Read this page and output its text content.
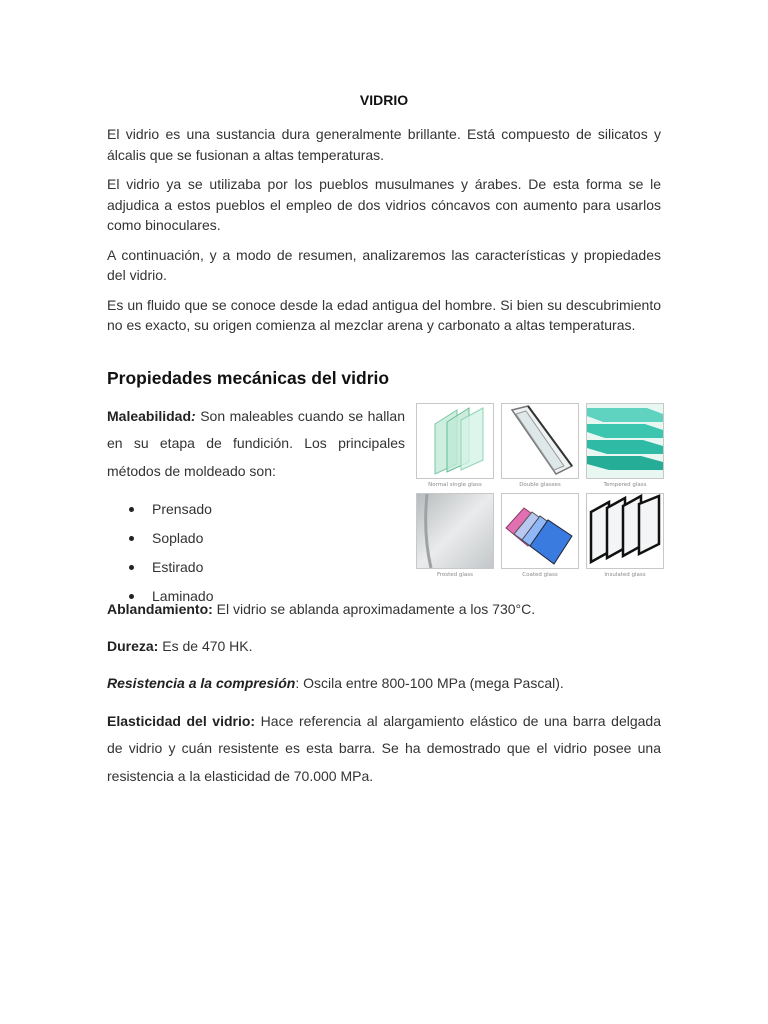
VIDRIO

El vidrio es una sustancia dura generalmente brillante. Está compuesto de silicatos y álcalis que se fusionan a altas temperaturas.

El vidrio ya se utilizaba por los pueblos musulmanes y árabes. De esta forma se le adjudica a estos pueblos el empleo de dos vidrios cóncavos con aumento para usarlos como binoculares.

A continuación, y a modo de resumen, analizaremos las características y propiedades del vidrio.

Es un fluido que se conoce desde la edad antigua del hombre. Si bien su descubrimiento no es exacto, su origen comienza al mezclar arena y carbonato a altas temperaturas.

Propiedades mecánicas del vidrio

Maleabilidad: Son maleables cuando se hallan en su etapa de fundición. Los principales métodos de moldeado son:

Prensado
Soplado
Estirado
Laminado
Normal single glass	Double glasses	Tempered glass
Frosted glass	Coated glass	Insulated glass

Ablandamiento: El vidrio se ablanda aproximadamente a los 730°C.

Dureza: Es de 470 HK.

Resistencia a la compresión: Oscila entre 800-100 MPa (mega Pascal).

Elasticidad del vidrio: Hace referencia al alargamiento elástico de una barra delgada de vidrio y cuán resistente es esta barra. Se ha demostrado que el vidrio posee una resistencia a la elasticidad de 70.000 MPa.
